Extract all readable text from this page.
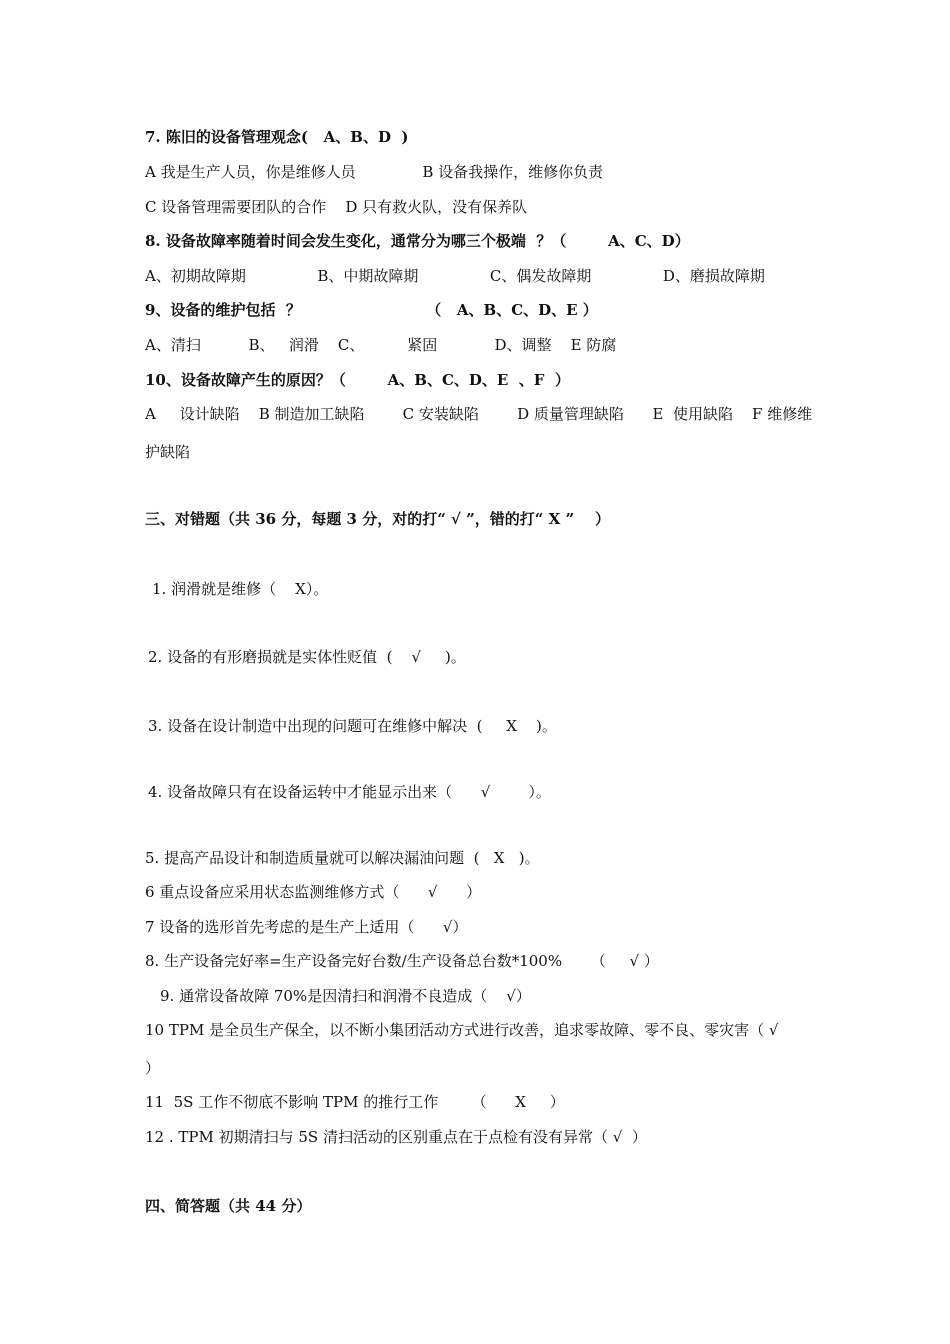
7. 陈旧的设备管理观念(   A、B、D  )
A 我是生产人员，你是维修人员              B 设备我操作，维修你负责
C 设备管理需要团队的合作    D 只有救火队，没有保养队
8. 设备故障率随着时间会发生变化，通常分为哪三个极端  ？（        A、C、D）
A、初期故障期               B、中期故障期               C、偶发故障期               D、磨损故障期
9、设备的维护包括  ？                        （   A、B、C、D、E ）
A、清扫          B、   润滑    C、         紧固            D、调整    E 防腐
10、设备故障产生的原因？（        A、B、C、D、E  、F  ）
A     设计缺陷    B 制造加工缺陷        C 安装缺陷        D 质量管理缺陷      E  使用缺陷    F 维修维
护缺陷
三、对错题（共 36 分，每题 3 分，对的打“ √ ”，错的打“ X ”    ）
1. 润滑就是维修（    X）。
2. 设备的有形磨损就是实体性贬值  (    √     )。
3. 设备在设计制造中出现的问题可在维修中解决  (     X    )。
4. 设备故障只有在设备运转中才能显示出来（      √        ）。
5. 提高产品设计和制造质量就可以解决漏油问题  (   X   )。
6 重点设备应采用状态监测维修方式（      √      ）
7 设备的选形首先考虑的是生产上适用（      √）
8. 生产设备完好率=生产设备完好台数/生产设备总台数*100%      （     √ ）
9. 通常设备故障 70%是因清扫和润滑不良造成（    √）
10 TPM 是全员生产保全，以不断小集团活动方式进行改善，追求零故障、零不良、零灾害（ √
）
11  5S 工作不彻底不影响 TPM 的推行工作       （      X     ）
12 . TPM 初期清扫与 5S 清扫活动的区别重点在于点检有没有异常（ √  ）
四、简答题（共 44 分）
